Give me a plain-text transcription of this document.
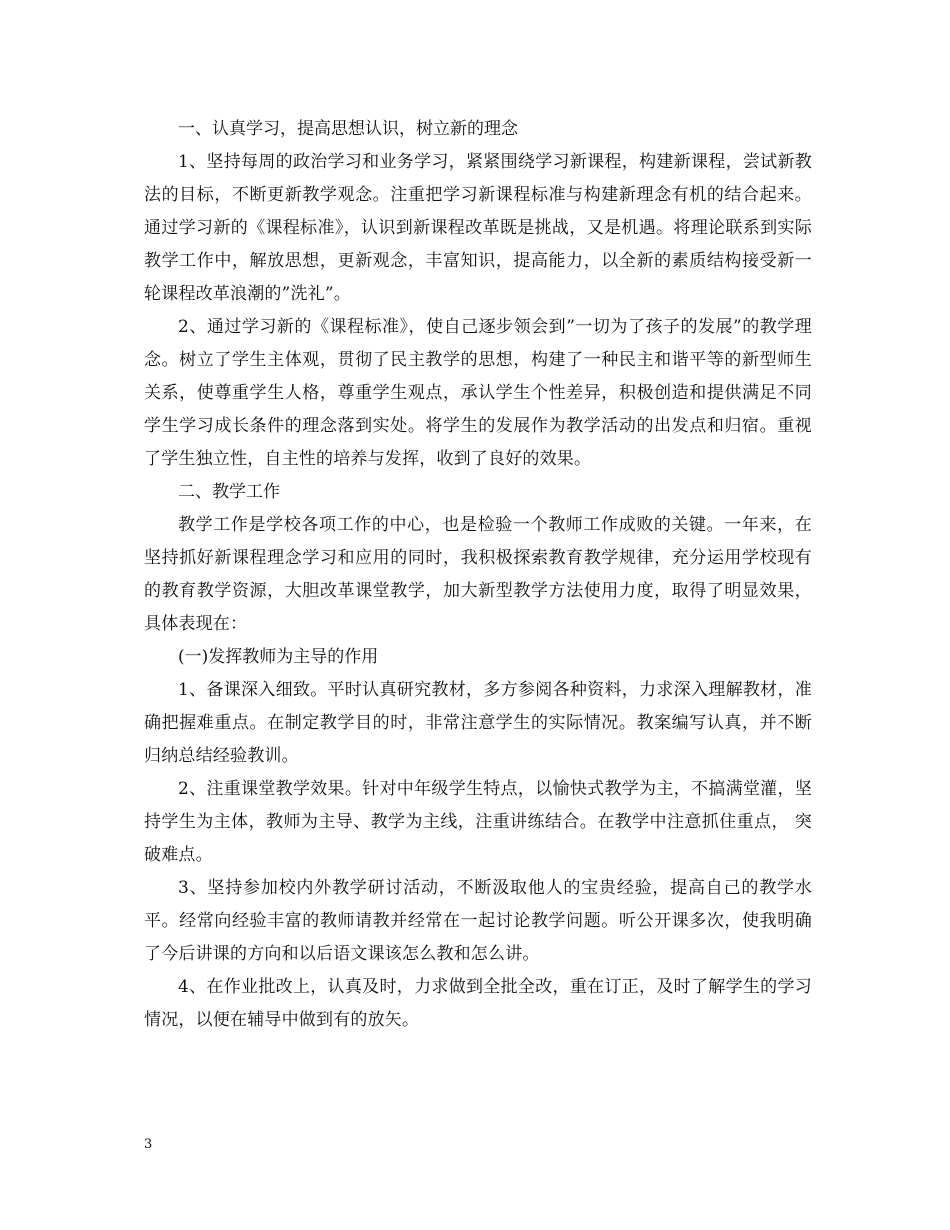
一、认真学习，提高思想认识，树立新的理念

1、坚持每周的政治学习和业务学习，紧紧围绕学习新课程，构建新课程，尝试新教法的目标，不断更新教学观念。注重把学习新课程标准与构建新理念有机的结合起来。通过学习新的《课程标准》，认识到新课程改革既是挑战，又是机遇。将理论联系到实际教学工作中，解放思想，更新观念，丰富知识，提高能力，以全新的素质结构接受新一轮课程改革浪潮的”洗礼”。

2、通过学习新的《课程标准》，使自己逐步领会到”一切为了孩子的发展”的教学理念。树立了学生主体观，贯彻了民主教学的思想，构建了一种民主和谐平等的新型师生关系，使尊重学生人格，尊重学生观点，承认学生个性差异，积极创造和提供满足不同学生学习成长条件的理念落到实处。将学生的发展作为教学活动的出发点和归宿。重视了学生独立性，自主性的培养与发挥，收到了良好的效果。

二、教学工作

教学工作是学校各项工作的中心，也是检验一个教师工作成败的关键。一年来，在坚持抓好新课程理念学习和应用的同时，我积极探索教育教学规律，充分运用学校现有的教育教学资源，大胆改革课堂教学，加大新型教学方法使用力度，取得了明显效果，具体表现在：

(一)发挥教师为主导的作用

1、备课深入细致。平时认真研究教材，多方参阅各种资料，力求深入理解教材，准确把握难重点。在制定教学目的时，非常注意学生的实际情况。教案编写认真，并不断归纳总结经验教训。

2、注重课堂教学效果。针对中年级学生特点，以愉快式教学为主，不搞满堂灌，坚持学生为主体，教师为主导、教学为主线，注重讲练结合。在教学中注意抓住重点， 突破难点。

3、坚持参加校内外教学研讨活动，不断汲取他人的宝贵经验，提高自己的教学水平。经常向经验丰富的教师请教并经常在一起讨论教学问题。听公开课多次，使我明确了今后讲课的方向和以后语文课该怎么教和怎么讲。

4、在作业批改上，认真及时，力求做到全批全改，重在订正，及时了解学生的学习情况，以便在辅导中做到有的放矢。

3
